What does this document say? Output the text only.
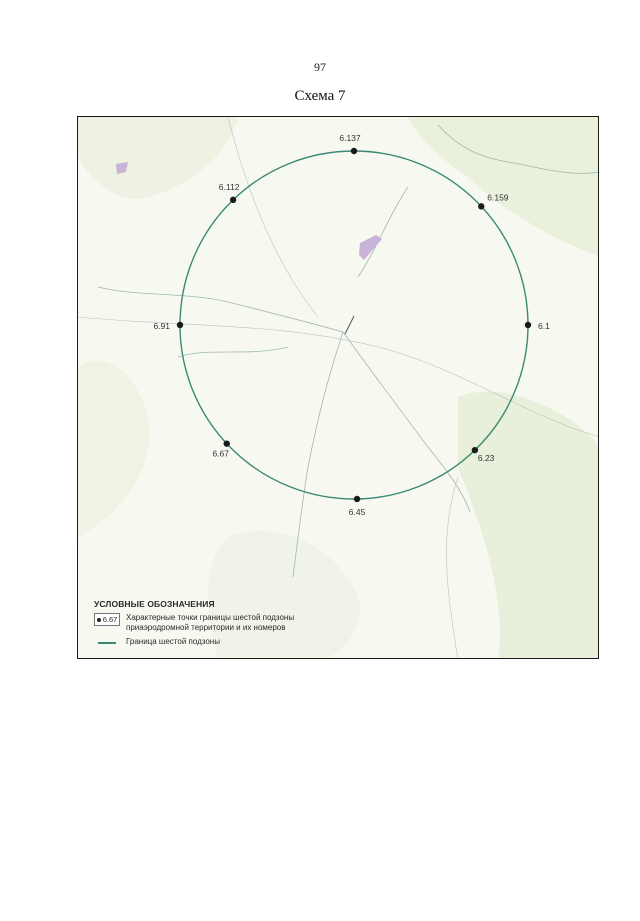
97
Схема 7
6.137
6.159
6.1
6.23
6.45
6.67
6.91
6.112
УСЛОВНЫЕ ОБОЗНАЧЕНИЯ
6.67 Характерные точки границы шестой подзоны
приаэродромной территории и их номеров
Граница шестой подзоны
